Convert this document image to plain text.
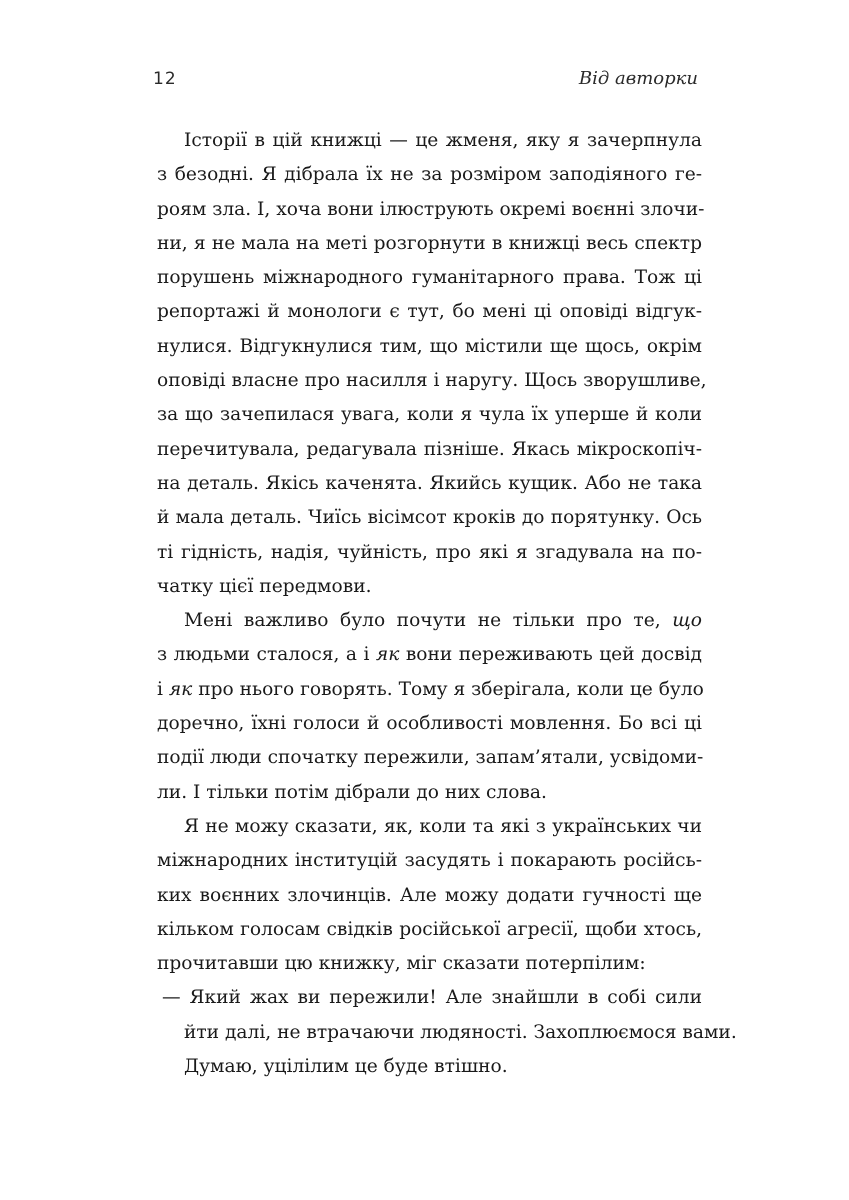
12	Від авторки
Історії в цій книжці — це жменя, яку я зачерпнула
з безодні. Я дібрала їх не за розміром заподіяного ге-
роям зла. І, хоча вони ілюструють окремі воєнні злочи-
ни, я не мала на меті розгорнути в книжці весь спектр
порушень міжнародного гуманітарного права. Тож ці
репортажі й монологи є тут, бо мені ці оповіді відгук-
нулися. Відгукнулися тим, що містили ще щось, окрім
оповіді власне про насилля і наругу. Щось зворушливе,
за що зачепилася увага, коли я чула їх уперше й коли
перечитувала, редагувала пізніше. Якась мікроскопіч-
на деталь. Якісь каченята. Якийсь кущик. Або не така
й мала деталь. Чиїсь вісімсот кроків до порятунку. Ось
ті гідність, надія, чуйність, про які я згадувала на по-
чатку цієї передмови.
Мені важливо було почути не тільки про те, що
з людьми сталося, а і як вони переживають цей досвід
і як про нього говорять. Тому я зберігала, коли це було
доречно, їхні голоси й особливості мовлення. Бо всі ці
події люди спочатку пережили, запам’ятали, усвідоми-
ли. І тільки потім дібрали до них слова.
Я не можу сказати, як, коли та які з українських чи
міжнародних інституцій засудять і покарають російсь-
ких воєнних злочинців. Але можу додати гучності ще
кільком голосам свідків російської агресії, щоби хтось,
прочитавши цю книжку, міг сказати потерпілим:
— Який жах ви пережили! Але знайшли в собі сили
йти далі, не втрачаючи людяності. Захоплюємося вами.
Думаю, уцілілим це буде втішно.
